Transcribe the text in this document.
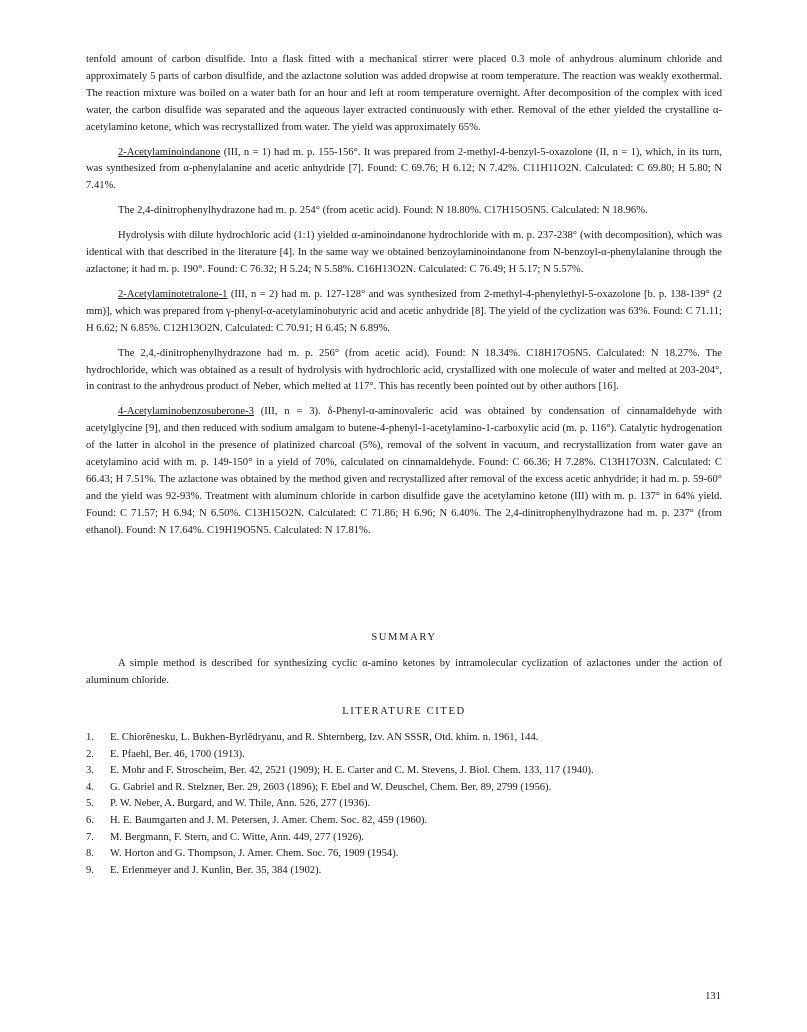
tenfold amount of carbon disulfide. Into a flask fitted with a mechanical stirrer were placed 0.3 mole of anhydrous aluminum chloride and approximately 5 parts of carbon disulfide, and the azlactone solution was added dropwise at room temperature. The reaction was weakly exothermal. The reaction mixture was boiled on a water bath for an hour and left at room temperature overnight. After decomposition of the complex with iced water, the carbon disulfide was separated and the aqueous layer extracted continuously with ether. Removal of the ether yielded the crystalline α-acetylamino ketone, which was recrystallized from water. The yield was approximately 65%.

2-Acetylaminoindanone (III, n = 1) had m. p. 155-156°. It was prepared from 2-methyl-4-benzyl-5-oxazolone (II, n = 1), which, in its turn, was synthesized from α-phenylalanine and acetic anhydride [7]. Found: C 69.76; H 6.12; N 7.42%. C11H11O2N. Calculated: C 69.80; H 5.80; N 7.41%.

The 2,4-dinitrophenylhydrazone had m. p. 254° (from acetic acid). Found: N 18.80%. C17H15O5N5. Calculated: N 18.96%.

Hydrolysis with dilute hydrochloric acid (1:1) yielded α-aminoindanone hydrochloride with m. p. 237-238° (with decomposition), which was identical with that described in the literature [4]. In the same way we obtained benzoylaminoindanone from N-benzoyl-α-phenylalanine through the azlactone; it had m. p. 190°. Found: C 76.32; H 5.24; N 5.58%. C16H13O2N. Calculated: C 76.49; H 5.17; N 5.57%.

2-Acetylaminotetralone-1 (III, n = 2) had m. p. 127-128° and was synthesized from 2-methyl-4-phenylethyl-5-oxazolone [b. p. 138-139° (2 mm)], which was prepared from γ-phenyl-α-acetylaminobutyric acid and acetic anhydride [8]. The yield of the cyclization was 63%. Found: C 71.11; H 6.62; N 6.85%. C12H13O2N. Calculated: C 70.91; H 6.45; N 6.89%.

The 2,4,-dinitrophenylhydrazone had m. p. 256° (from acetic acid). Found: N 18.34%. C18H17O5N5. Calculated: N 18.27%. The hydrochloride, which was obtained as a result of hydrolysis with hydrochloric acid, crystallized with one molecule of water and melted at 203-204°, in contrast to the anhydrous product of Neber, which melted at 117°. This has recently been pointed out by other authors [16].

4-Acetylaminobenzosuberone-3 (III, n = 3). δ-Phenyl-α-aminovaleric acid was obtained by condensation of cinnamaldehyde with acetylglycine [9], and then reduced with sodium amalgam to butene-4-phenyl-1-acetylamino-1-carboxylic acid (m. p. 116°). Catalytic hydrogenation of the latter in alcohol in the presence of platinized charcoal (5%), removal of the solvent in vacuum, and recrystallization from water gave an acetylamino acid with m. p. 149-150° in a yield of 70%, calculated on cinnamaldehyde. Found: C 66.36; H 7.28%. C13H17O3N. Calculated: C 66.43; H 7.51%. The azlactone was obtained by the method given and recrystallized after removal of the excess acetic anhydride; it had m. p. 59-60° and the yield was 92-93%. Treatment with aluminum chloride in carbon disulfide gave the acetylamino ketone (III) with m. p. 137° in 64% yield. Found: C 71.57; H 6.94; N 6.50%. C13H15O2N. Calculated: C 71.86; H 6.96; N 6.40%. The 2,4-dinitrophenylhydrazone had m. p. 237° (from ethanol). Found: N 17.64%. C19H19O5N5. Calculated: N 17.81%.

SUMMARY

A simple method is described for synthesizing cyclic α-amino ketones by intramolecular cyclization of azlactones under the action of aluminum chloride.

LITERATURE CITED
1.	E. Chiorĕnesku, L. Bukhen-Byrlĕdryanu, and R. Shternberg, Izv. AN SSSR, Otd. khim. n. 1961, 144.
2.	E. Pfaehl, Ber. 46, 1700 (1913).
3.	E. Mohr and F. Stroscheim, Ber. 42, 2521 (1909); H. E. Carter and C. M. Stevens, J. Biol. Chem. 133, 117 (1940).
4.	G. Gabriel and R. Stelzner, Ber. 29, 2603 (1896); F. Ebel and W. Deuschel, Chem. Ber. 89, 2799 (1956).
5.	P. W. Neber, A. Burgard, and W. Thile, Ann. 526, 277 (1936).
6.	H. E. Baumgarten and J. M. Petersen, J. Amer. Chem. Soc. 82, 459 (1960).
7.	M. Bergmann, F. Stern, and C. Witte, Ann. 449, 277 (1926).
8.	W. Horton and G. Thompson, J. Amer. Chem. Soc. 76, 1909 (1954).
9.	E. Erlenmeyer and J. Kunlin, Ber. 35, 384 (1902).
131
